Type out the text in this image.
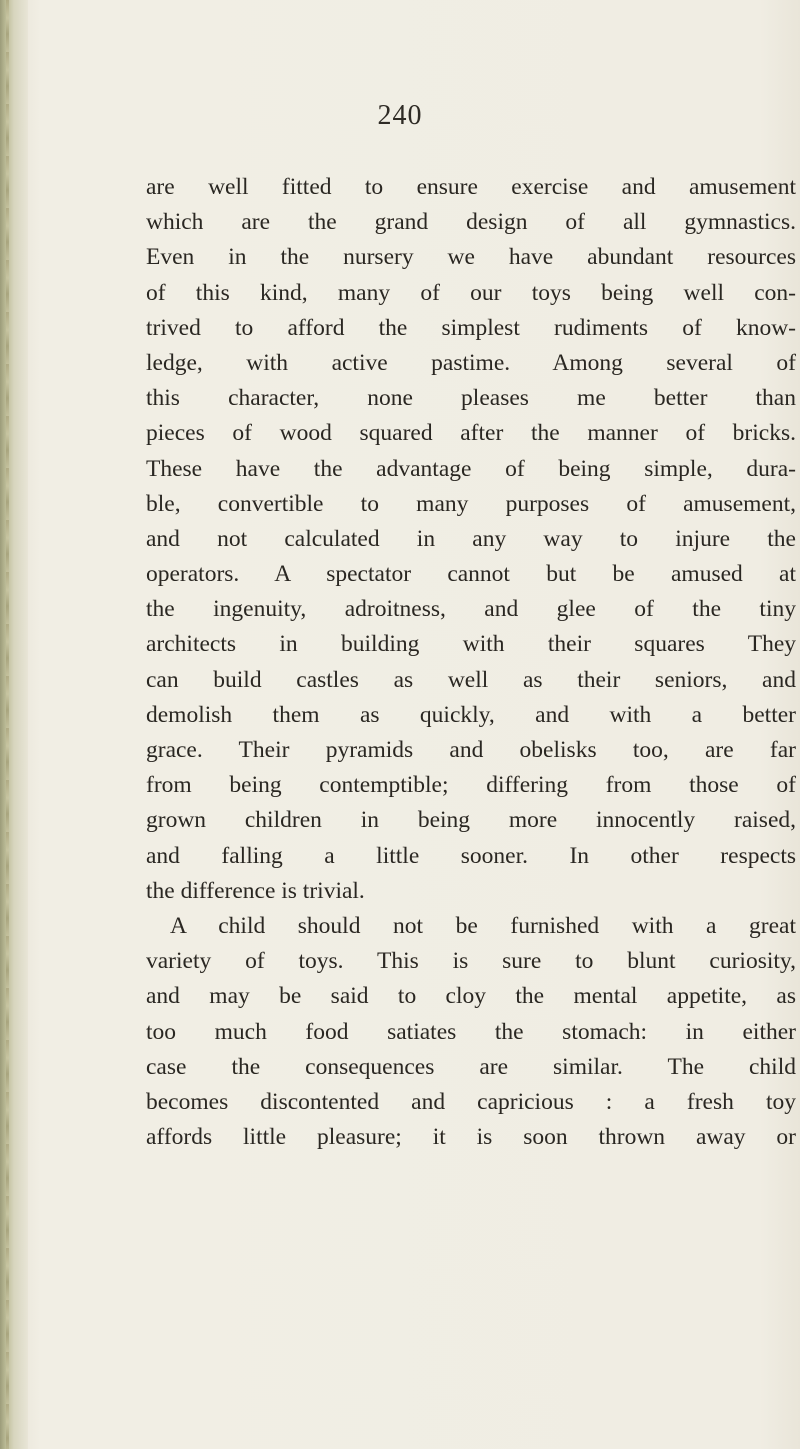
240
are well fitted to ensure exercise and amusement
which are the grand design of all gymnastics.
Even in the nursery we have abundant resources
of this kind, many of our toys being well con-
trived to afford the simplest rudiments of know-
ledge, with active pastime. Among several of
this character, none pleases me better than
pieces of wood squared after the manner of bricks.
These have the advantage of being simple, dura-
ble, convertible to many purposes of amusement,
and not calculated in any way to injure the
operators. A spectator cannot but be amused at
the ingenuity, adroitness, and glee of the tiny
architects in building with their squares They
can build castles as well as their seniors, and
demolish them as quickly, and with a better
grace. Their pyramids and obelisks too, are far
from being contemptible; differing from those of
grown children in being more innocently raised,
and falling a little sooner. In other respects
the difference is trivial.
A child should not be furnished with a great
variety of toys. This is sure to blunt curiosity,
and may be said to cloy the mental appetite, as
too much food satiates the stomach: in either
case the consequences are similar. The child
becomes discontented and capricious : a fresh toy
affords little pleasure; it is soon thrown away or
